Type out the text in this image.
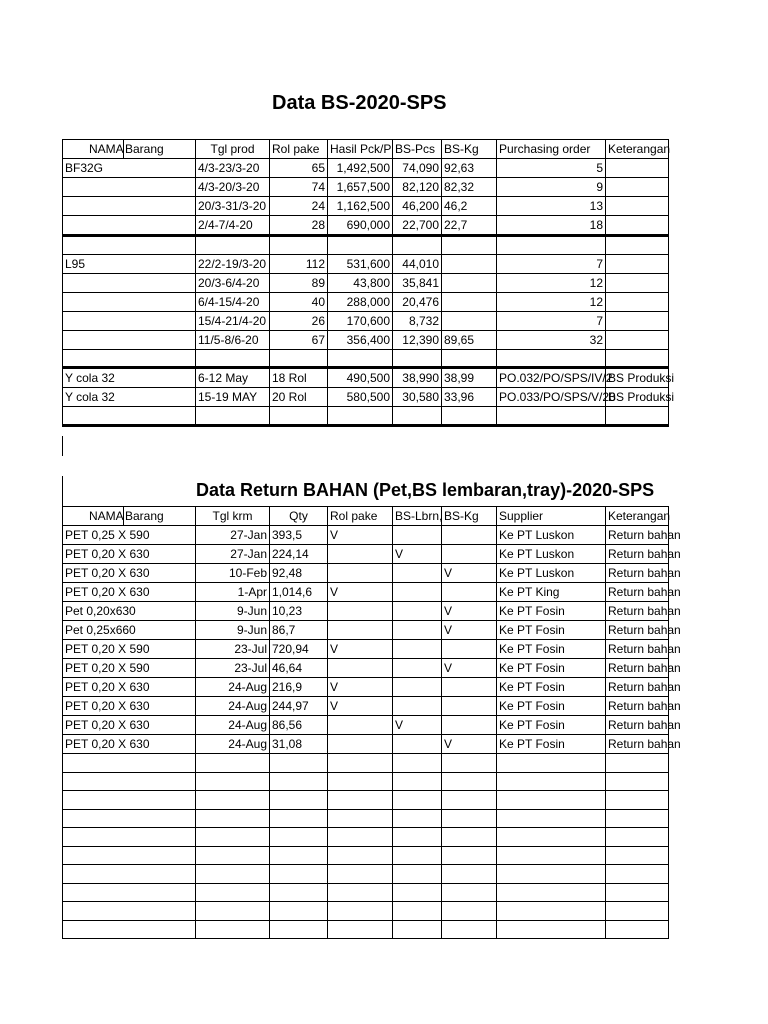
Data BS-2020-SPS
NAMA Barang	Tgl prod	Rol pake	Hasil Pck/P	BS-Pcs	BS-Kg	Purchasing order	Keterangan
BF32G	4/3-23/3-20	65	1,492,500	74,090	92,63	5	
	4/3-20/3-20	74	1,657,500	82,120	82,32	9	
	20/3-31/3-20	24	1,162,500	46,200	46,2	13	
	2/4-7/4-20	28	690,000	22,700	22,7	18	

L95	22/2-19/3-20	112	531,600	44,010		7	
	20/3-6/4-20	89	43,800	35,841		12	
	6/4-15/4-20	40	288,000	20,476		12	
	15/4-21/4-20	26	170,600	8,732		7	
	11/5-8/6-20	67	356,400	12,390	89,65	32	

Y cola 32	6-12 May	18 Rol	490,500	38,990	38,99	PO.032/PO/SPS/IV/2	BS Produksi
Y cola 32	15-19 MAY	20 Rol	580,500	30,580	33,96	PO.033/PO/SPS/V/20	BS Produksi

Data Return BAHAN (Pet,BS lembaran,tray)-2020-SPS
NAMA Barang	Tgl krm	Qty	Rol pake	BS-Lbrn,	BS-Kg	Supplier	Keterangan
PET 0,25 X 590	27-Jan	393,5	V			Ke PT Luskon	Return bahan
PET 0,20 X 630	27-Jan	224,14		V		Ke PT Luskon	Return bahan
PET 0,20 X 630	10-Feb	92,48			V	Ke PT Luskon	Return bahan
PET 0,20 X 630	1-Apr	1,014,6	V			Ke PT King	Return bahan
Pet 0,20x630	9-Jun	10,23			V	Ke PT Fosin	Return bahan
Pet 0,25x660	9-Jun	86,7			V	Ke PT Fosin	Return bahan
PET 0,20 X 590	23-Jul	720,94	V			Ke PT Fosin	Return bahan
PET 0,20 X 590	23-Jul	46,64			V	Ke PT Fosin	Return bahan
PET 0,20 X 630	24-Aug	216,9	V			Ke PT Fosin	Return bahan
PET 0,20 X 630	24-Aug	244,97	V			Ke PT Fosin	Return bahan
PET 0,20 X 630	24-Aug	86,56		V		Ke PT Fosin	Return bahan
PET 0,20 X 630	24-Aug	31,08			V	Ke PT Fosin	Return bahan
